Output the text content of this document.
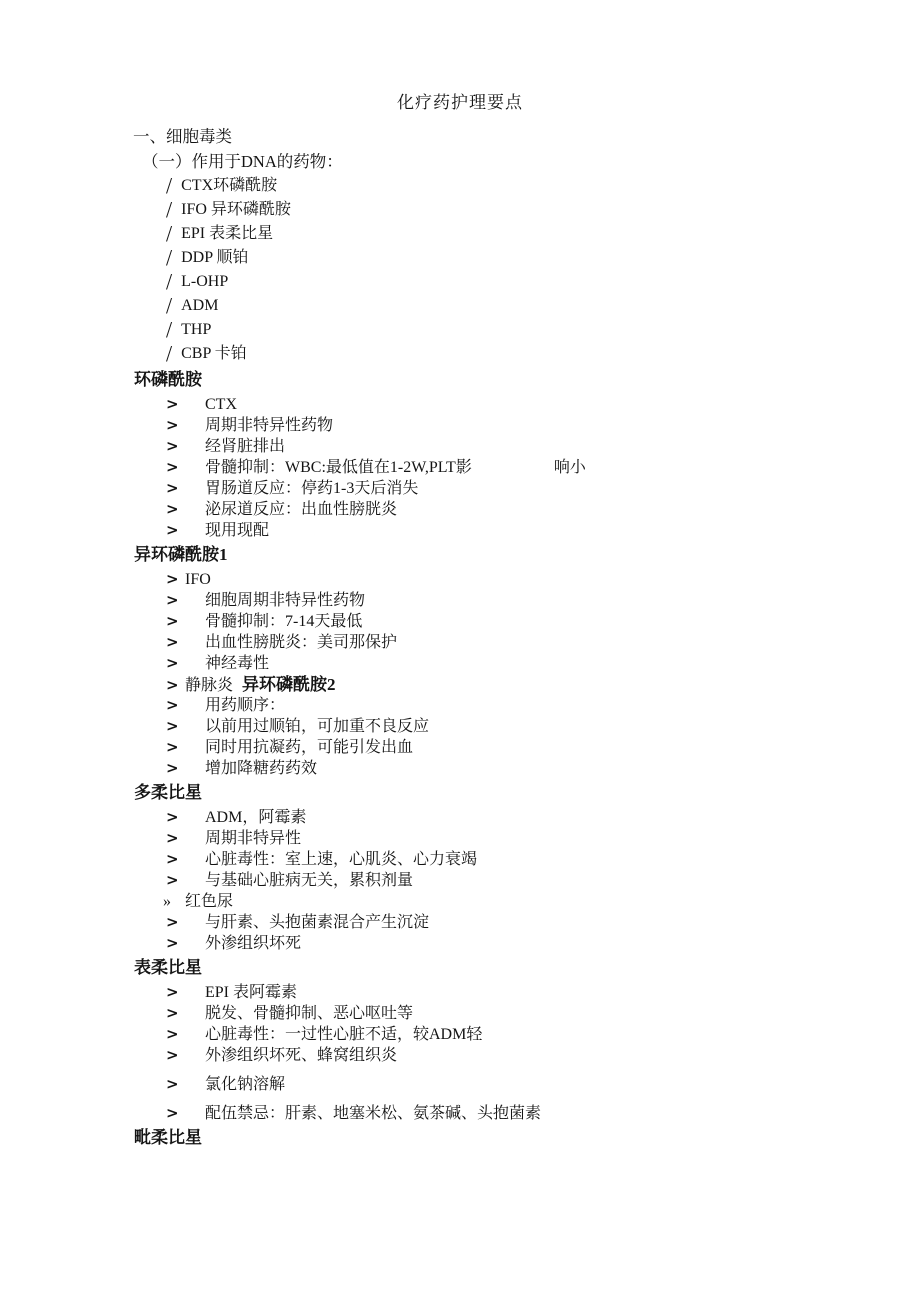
化疗药护理要点
一、细胞毒类
（一）作用于DNA的药物：
/ CTX环磷酰胺
/ IFO 异环磷酰胺
/ EPI 表柔比星
/ DDP 顺铂
/ L-OHP
/ ADM
/ THP
/ CBP 卡铂
环磷酰胺
>	CTX
>	周期非特异性药物
>	经肾脏排出
>	骨髓抑制：WBC:最低值在1-2W,PLT影	响小
>	胃肠道反应：停药1-3天后消失
>	泌尿道反应：出血性膀胱炎
>	现用现配
异环磷酰胺1
> IFO
>	细胞周期非特异性药物
>	骨髓抑制：7-14天最低
>	出血性膀胱炎：美司那保护
>	神经毒性
> 静脉炎 异环磷酰胺2
>	用药顺序：
>	以前用过顺铂，可加重不良反应
>	同时用抗凝药，可能引发出血
>	增加降糖药药效
多柔比星
>	ADM，阿霉素
>	周期非特异性
>	心脏毒性：室上速，心肌炎、心力衰竭
>	与基础心脏病无关，累积剂量
» 红色尿
>	与肝素、头抱菌素混合产生沉淀
>	外渗组织坏死
表柔比星
>	EPI 表阿霉素
>	脱发、骨髓抑制、恶心呕吐等
>	心脏毒性：一过性心脏不适，较ADM轻
>	外渗组织坏死、蜂窝组织炎
>	氯化钠溶解
>	配伍禁忌：肝素、地塞米松、氨茶碱、头抱菌素
毗柔比星
